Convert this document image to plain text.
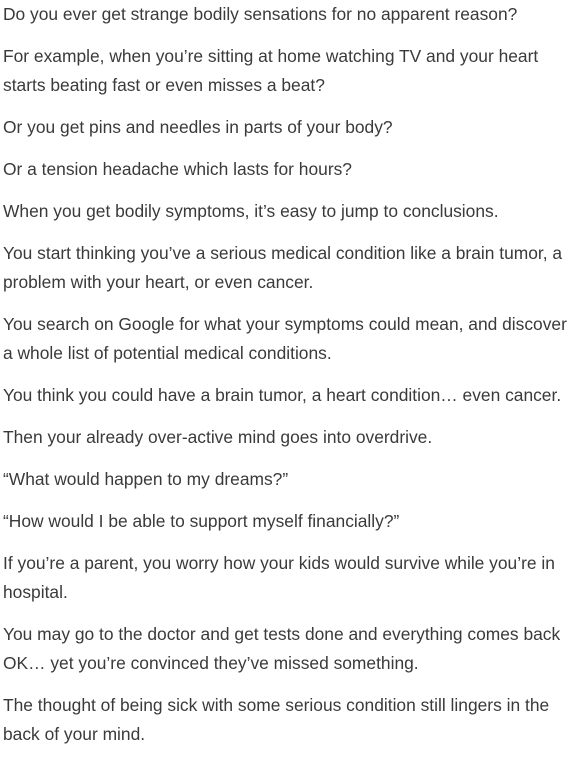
Do you ever get strange bodily sensations for no apparent reason?

For example, when you’re sitting at home watching TV and your heart starts beating fast or even misses a beat?

Or you get pins and needles in parts of your body?

Or a tension headache which lasts for hours?

When you get bodily symptoms, it’s easy to jump to conclusions.

You start thinking you’ve a serious medical condition like a brain tumor, a problem with your heart, or even cancer.

You search on Google for what your symptoms could mean, and discover a whole list of potential medical conditions.

You think you could have a brain tumor, a heart condition… even cancer.

Then your already over-active mind goes into overdrive.

“What would happen to my dreams?”

“How would I be able to support myself financially?”

If you’re a parent, you worry how your kids would survive while you’re in hospital.

You may go to the doctor and get tests done and everything comes back OK… yet you’re convinced they’ve missed something.

The thought of being sick with some serious condition still lingers in the back of your mind.
